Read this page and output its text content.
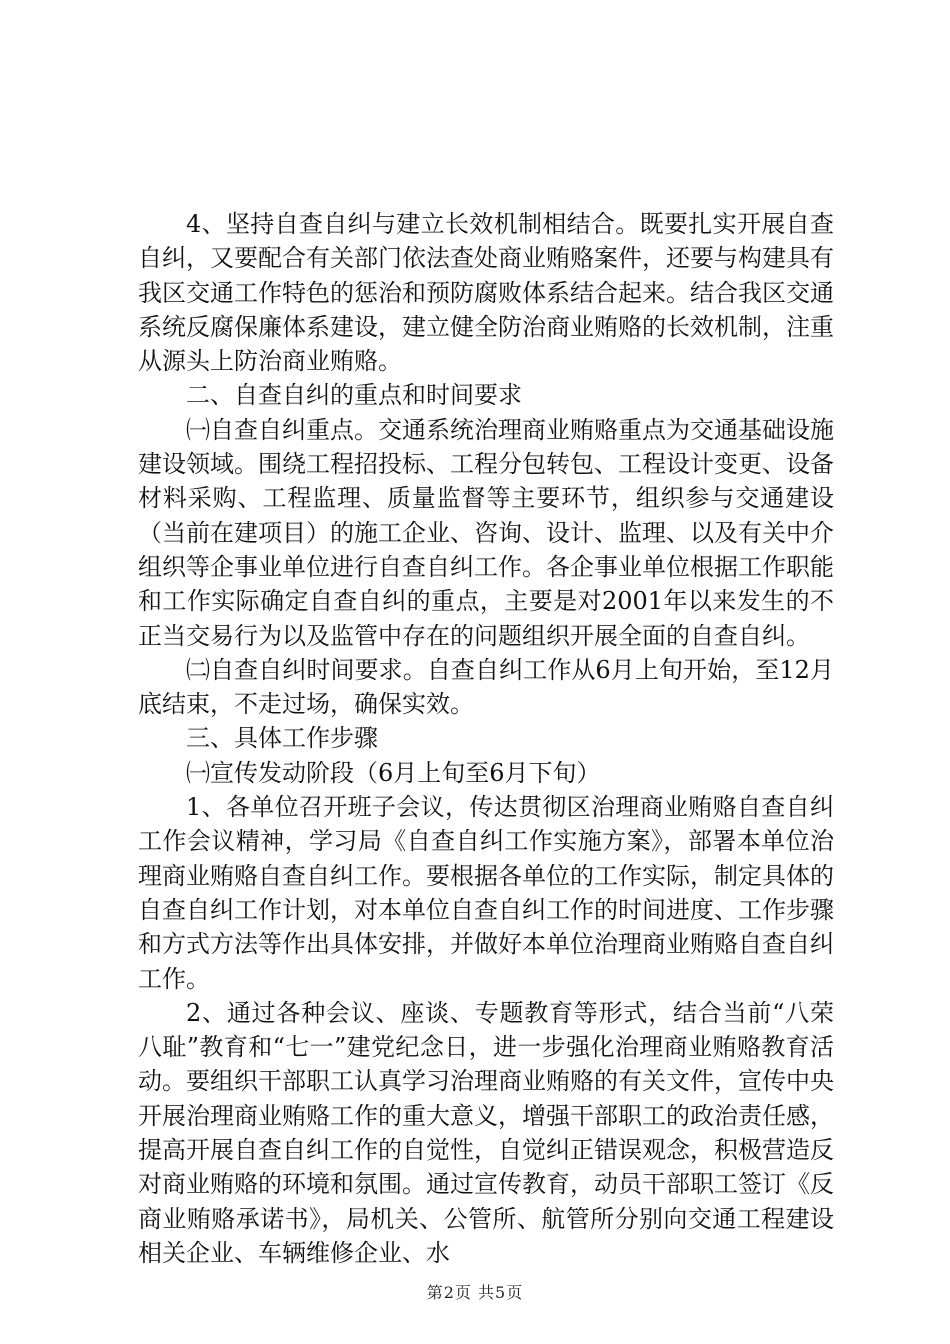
4、坚持自查自纠与建立长效机制相结合。既要扎实开展自查自纠，又要配合有关部门依法查处商业贿赂案件，还要与构建具有我区交通工作特色的惩治和预防腐败体系结合起来。结合我区交通系统反腐保廉体系建设，建立健全防治商业贿赂的长效机制，注重从源头上防治商业贿赂。

二、自查自纠的重点和时间要求

㈠自查自纠重点。交通系统治理商业贿赂重点为交通基础设施建设领域。围绕工程招投标、工程分包转包、工程设计变更、设备材料采购、工程监理、质量监督等主要环节，组织参与交通建设（当前在建项目）的施工企业、咨询、设计、监理、以及有关中介组织等企事业单位进行自查自纠工作。各企事业单位根据工作职能和工作实际确定自查自纠的重点，主要是对2001年以来发生的不正当交易行为以及监管中存在的问题组织开展全面的自查自纠。

㈡自查自纠时间要求。自查自纠工作从6月上旬开始，至12月底结束，不走过场，确保实效。

三、具体工作步骤

㈠宣传发动阶段（6月上旬至6月下旬）

1、各单位召开班子会议，传达贯彻区治理商业贿赂自查自纠工作会议精神，学习局《自查自纠工作实施方案》，部署本单位治理商业贿赂自查自纠工作。要根据各单位的工作实际，制定具体的自查自纠工作计划，对本单位自查自纠工作的时间进度、工作步骤和方式方法等作出具体安排，并做好本单位治理商业贿赂自查自纠工作。

2、通过各种会议、座谈、专题教育等形式，结合当前“八荣八耻”教育和“七一”建党纪念日，进一步强化治理商业贿赂教育活动。要组织干部职工认真学习治理商业贿赂的有关文件，宣传中央开展治理商业贿赂工作的重大意义，增强干部职工的政治责任感，提高开展自查自纠工作的自觉性，自觉纠正错误观念，积极营造反对商业贿赂的环境和氛围。通过宣传教育，动员干部职工签订《反商业贿赂承诺书》，局机关、公管所、航管所分别向交通工程建设相关企业、车辆维修企业、水

第2页 共5页
